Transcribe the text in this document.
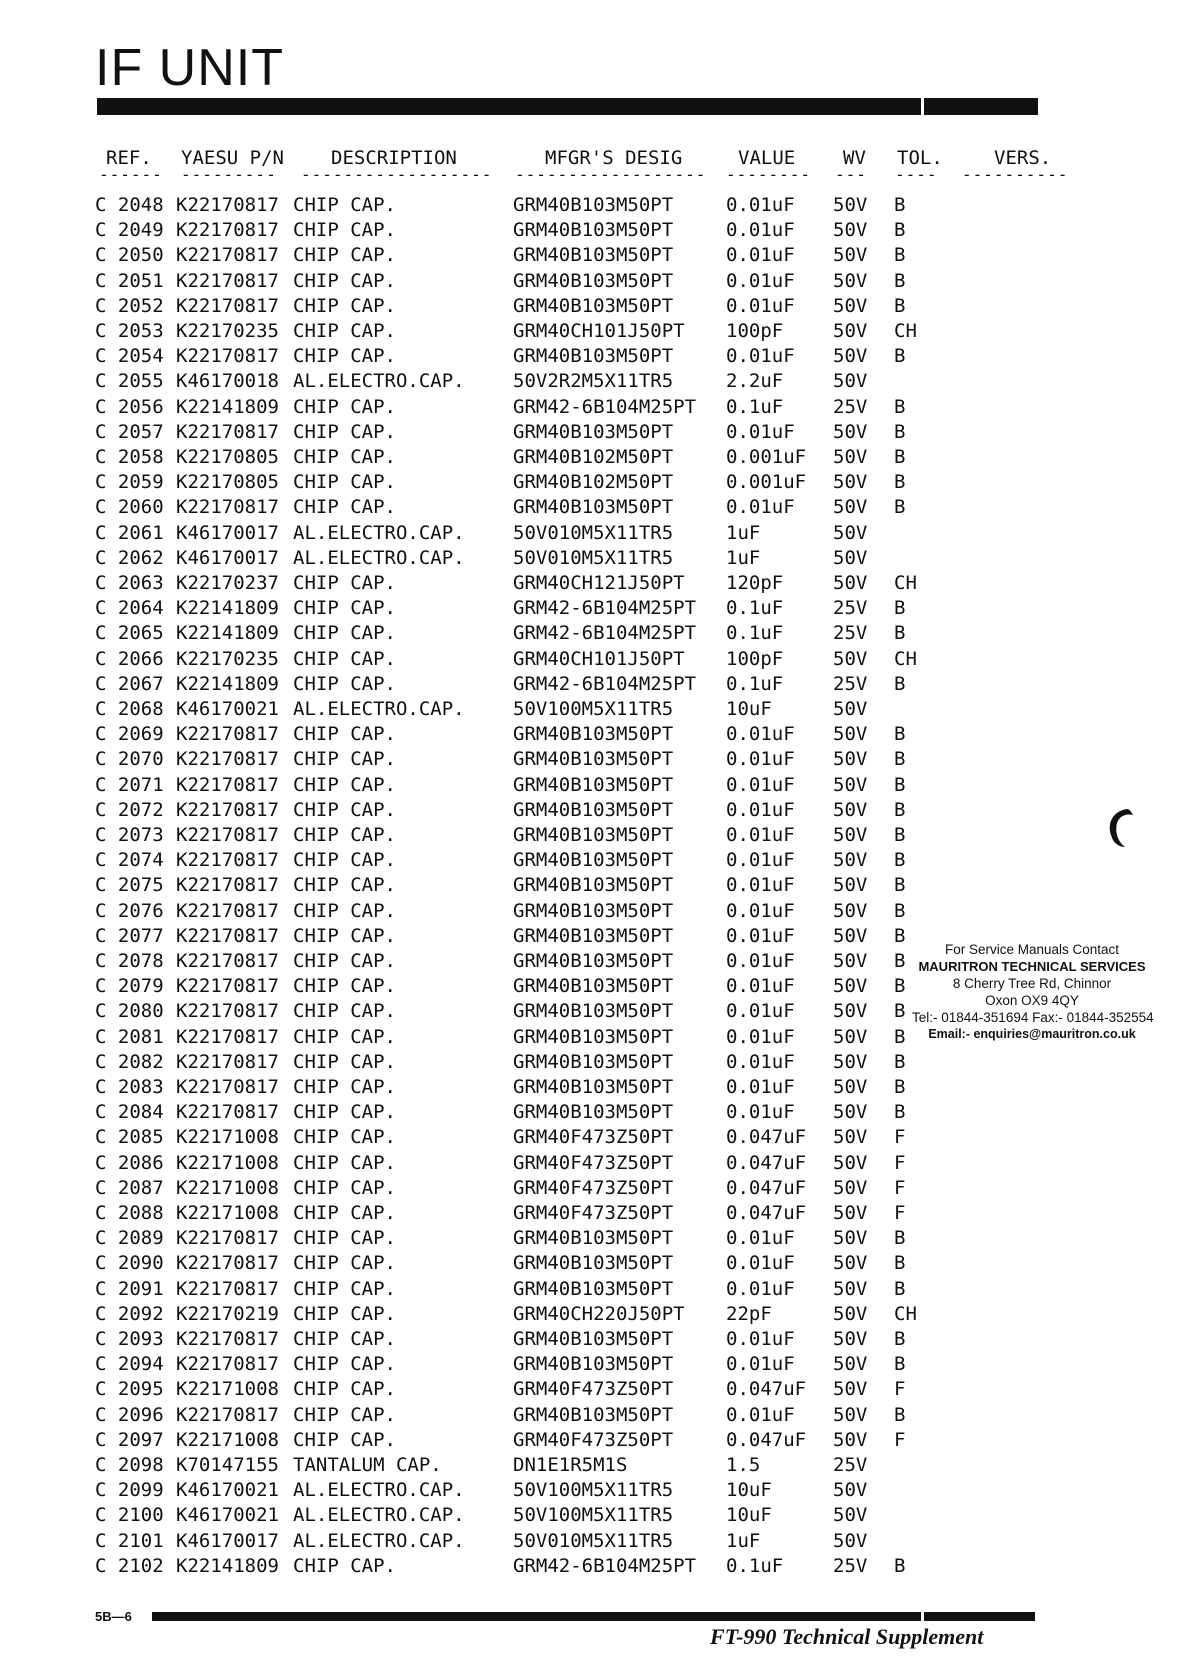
IF UNIT
REF. YAESU P/N DESCRIPTION	MFGR'S DESIG	VALUE	WV TOL.	VERS.
------ --------- ------------------ ------------------ -------- --- ---- ----------
C 2048 K22170817 CHIP CAP.	GRM40B103M50PT	0.01uF 50V B
C 2049 K22170817 CHIP CAP.	GRM40B103M50PT	0.01uF 50V B
C 2050 K22170817 CHIP CAP.	GRM40B103M50PT	0.01uF 50V B
C 2051 K22170817 CHIP CAP.	GRM40B103M50PT	0.01uF 50V B
C 2052 K22170817 CHIP CAP.	GRM40B103M50PT	0.01uF 50V B
C 2053 K22170235 CHIP CAP.	GRM40CH101J50PT 100pF	50V CH
C 2054 K22170817 CHIP CAP.	GRM40B103M50PT	0.01uF 50V B
C 2055 K46170018 AL.ELECTRO.CAP.	50V2R2M5X11TR5	2.2uF	50V
C 2056 K22141809 CHIP CAP.	GRM42-6B104M25PT 0.1uF	25V B
C 2057 K22170817 CHIP CAP.	GRM40B103M50PT	0.01uF 50V B
C 2058 K22170805 CHIP CAP.	GRM40B102M50PT	0.001uF 50V B
C 2059 K22170805 CHIP CAP.	GRM40B102M50PT	0.001uF 50V B
C 2060 K22170817 CHIP CAP.	GRM40B103M50PT	0.01uF 50V B
C 2061 K46170017 AL.ELECTRO.CAP.	50V010M5X11TR5	1uF	50V
C 2062 K46170017 AL.ELECTRO.CAP.	50V010M5X11TR5	1uF	50V
C 2063 K22170237 CHIP CAP.	GRM40CH121J50PT 120pF	50V CH
C 2064 K22141809 CHIP CAP.	GRM42-6B104M25PT 0.1uF	25V B
C 2065 K22141809 CHIP CAP.	GRM42-6B104M25PT 0.1uF	25V B
C 2066 K22170235 CHIP CAP.	GRM40CH101J50PT 100pF	50V CH
C 2067 K22141809 CHIP CAP.	GRM42-6B104M25PT 0.1uF	25V B
C 2068 K46170021 AL.ELECTRO.CAP.	50V100M5X11TR5	10uF	50V
C 2069 K22170817 CHIP CAP.	GRM40B103M50PT	0.01uF 50V B
C 2070 K22170817 CHIP CAP.	GRM40B103M50PT	0.01uF 50V B
C 2071 K22170817 CHIP CAP.	GRM40B103M50PT	0.01uF 50V B
C 2072 K22170817 CHIP CAP.	GRM40B103M50PT	0.01uF 50V B
C 2073 K22170817 CHIP CAP.	GRM40B103M50PT	0.01uF 50V B
C 2074 K22170817 CHIP CAP.	GRM40B103M50PT	0.01uF 50V B
C 2075 K22170817 CHIP CAP.	GRM40B103M50PT	0.01uF 50V B
C 2076 K22170817 CHIP CAP.	GRM40B103M50PT	0.01uF 50V B
C 2077 K22170817 CHIP CAP.	GRM40B103M50PT	0.01uF 50V B
C 2078 K22170817 CHIP CAP.	GRM40B103M50PT	0.01uF 50V B
C 2079 K22170817 CHIP CAP.	GRM40B103M50PT	0.01uF 50V B
C 2080 K22170817 CHIP CAP.	GRM40B103M50PT	0.01uF 50V B
C 2081 K22170817 CHIP CAP.	GRM40B103M50PT	0.01uF 50V B
C 2082 K22170817 CHIP CAP.	GRM40B103M50PT	0.01uF 50V B
C 2083 K22170817 CHIP CAP.	GRM40B103M50PT	0.01uF 50V B
C 2084 K22170817 CHIP CAP.	GRM40B103M50PT	0.01uF 50V B
C 2085 K22171008 CHIP CAP.	GRM40F473Z50PT	0.047uF 50V F
C 2086 K22171008 CHIP CAP.	GRM40F473Z50PT	0.047uF 50V F
C 2087 K22171008 CHIP CAP.	GRM40F473Z50PT	0.047uF 50V F
C 2088 K22171008 CHIP CAP.	GRM40F473Z50PT	0.047uF 50V F
C 2089 K22170817 CHIP CAP.	GRM40B103M50PT	0.01uF 50V B
C 2090 K22170817 CHIP CAP.	GRM40B103M50PT	0.01uF 50V B
C 2091 K22170817 CHIP CAP.	GRM40B103M50PT	0.01uF 50V B
C 2092 K22170219 CHIP CAP.	GRM40CH220J50PT 22pF	50V CH
C 2093 K22170817 CHIP CAP.	GRM40B103M50PT	0.01uF 50V B
C 2094 K22170817 CHIP CAP.	GRM40B103M50PT	0.01uF 50V B
C 2095 K22171008 CHIP CAP.	GRM40F473Z50PT	0.047uF 50V F
C 2096 K22170817 CHIP CAP.	GRM40B103M50PT	0.01uF 50V B
C 2097 K22171008 CHIP CAP.	GRM40F473Z50PT	0.047uF 50V F
C 2098 K70147155 TANTALUM CAP.	DN1E1R5M1S	1.5	25V
C 2099 K46170021 AL.ELECTRO.CAP.	50V100M5X11TR5	10uF	50V
C 2100 K46170021 AL.ELECTRO.CAP.	50V100M5X11TR5	10uF	50V
C 2101 K46170017 AL.ELECTRO.CAP.	50V010M5X11TR5	1uF	50V
C 2102 K22141809 CHIP CAP.	GRM42-6B104M25PT 0.1uF	25V B
For Service Manuals Contact
MAURITRON TECHNICAL SERVICES
8 Cherry Tree Rd, Chinnor
Oxon OX9 4QY
Tel:- 01844-351694 Fax:- 01844-352554
Email:- enquiries@mauritron.co.uk
5B—6
FT-990 Technical Supplement
